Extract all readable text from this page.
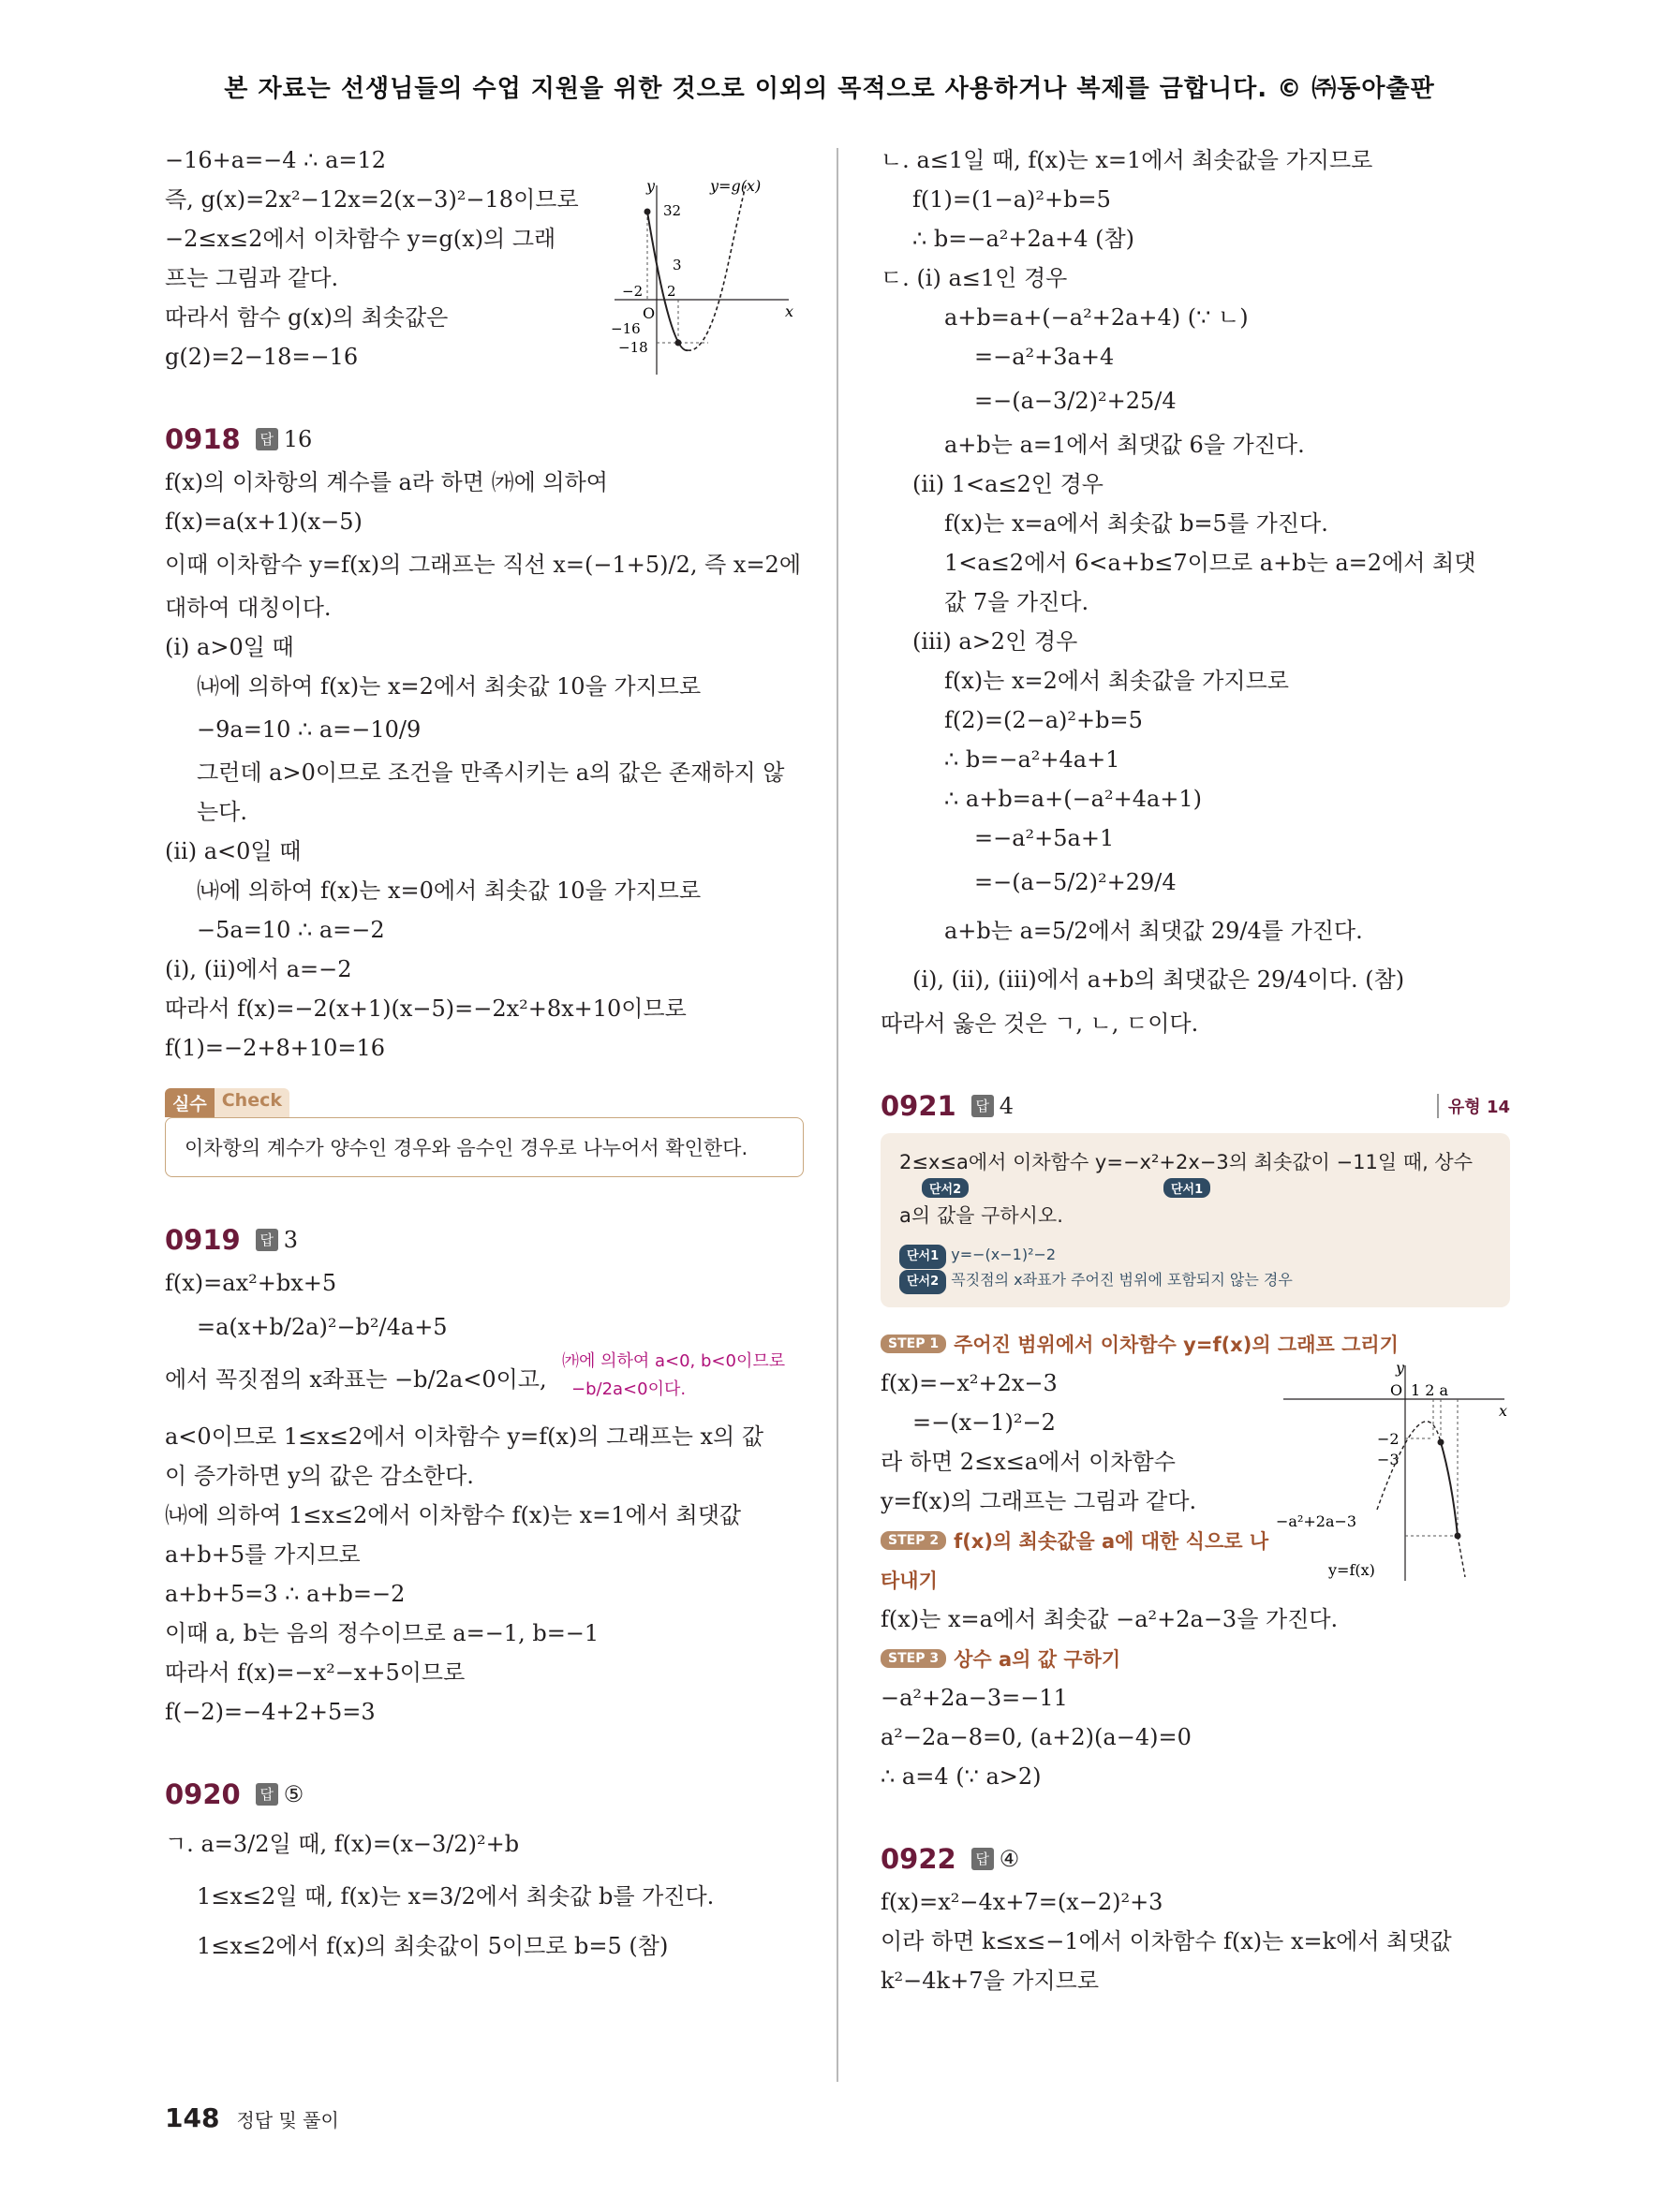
본 자료는 선생님들의 수업 지원을 위한 것으로 이외의 목적으로 사용하거나 복제를 금합니다. © ㈜동아출판
−16+a=−4 ∴ a=12
즉, g(x)=2x²−12x=2(x−3)²−18이므로
−2≤x≤2에서 이차함수 y=g(x)의 그래
프는 그림과 같다.
따라서 함수 g(x)의 최솟값은
g(2)=2−18=−16
x
y	y=g(x)
O
32
3
2
−2
−16
−18
0918	답 16
f(x)의 이차항의 계수를 a라 하면 ㈎에 의하여
f(x)=a(x+1)(x−5)
이때 이차함수 y=f(x)의 그래프는 직선 x=(−1+5)/2, 즉 x=2에
대하여 대칭이다.
(ⅰ) a>0일 때
㈏에 의하여 f(x)는 x=2에서 최솟값 10을 가지므로
−9a=10 ∴ a=−10/9
그런데 a>0이므로 조건을 만족시키는 a의 값은 존재하지 않
는다.
(ⅱ) a<0일 때
㈏에 의하여 f(x)는 x=0에서 최솟값 10을 가지므로
−5a=10 ∴ a=−2
(ⅰ), (ⅱ)에서 a=−2
따라서 f(x)=−2(x+1)(x−5)=−2x²+8x+10이므로
f(1)=−2+8+10=16
실수 Check
이차항의 계수가 양수인 경우와 음수인 경우로 나누어서 확인한다.
0919	답 3
f(x)=ax²+bx+5
=a(x+b/2a)²−b²/4a+5
에서 꼭짓점의 x좌표는 −b/2a<0이고,
㈎에 의하여 a<0, b<0이므로
−b/2a<0이다.
a<0이므로 1≤x≤2에서 이차함수 y=f(x)의 그래프는 x의 값
이 증가하면 y의 값은 감소한다.
㈏에 의하여 1≤x≤2에서 이차함수 f(x)는 x=1에서 최댓값
a+b+5를 가지므로
a+b+5=3 ∴ a+b=−2
이때 a, b는 음의 정수이므로 a=−1, b=−1
따라서 f(x)=−x²−x+5이므로
f(−2)=−4+2+5=3
0920	답 ⑤
ㄱ. a=3/2일 때, f(x)=(x−3/2)²+b
1≤x≤2일 때, f(x)는 x=3/2에서 최솟값 b를 가진다.
1≤x≤2에서 f(x)의 최솟값이 5이므로 b=5 (참)
ㄴ. a≤1일 때, f(x)는 x=1에서 최솟값을 가지므로
f(1)=(1−a)²+b=5
∴ b=−a²+2a+4 (참)
ㄷ. (ⅰ) a≤1인 경우
a+b=a+(−a²+2a+4) (∵ ㄴ)
=−a²+3a+4
=−(a−3/2)²+25/4
a+b는 a=1에서 최댓값 6을 가진다.
(ⅱ) 1<a≤2인 경우
f(x)는 x=a에서 최솟값 b=5를 가진다.
1<a≤2에서 6<a+b≤7이므로 a+b는 a=2에서 최댓
값 7을 가진다.
(ⅲ) a>2인 경우
f(x)는 x=2에서 최솟값을 가지므로
f(2)=(2−a)²+b=5
∴ b=−a²+4a+1
∴ a+b=a+(−a²+4a+1)
=−a²+5a+1
=−(a−5/2)²+29/4
a+b는 a=5/2에서 최댓값 29/4를 가진다.
(ⅰ), (ⅱ), (ⅲ)에서 a+b의 최댓값은 29/4이다. (참)
따라서 옳은 것은 ㄱ, ㄴ, ㄷ이다.
0921	답 4	유형 14
2≤x≤a에서 이차함수 y=−x²+2x−3의 최솟값이 −11일 때, 상수
단서2	단서1
a의 값을 구하시오.
단서1 y=−(x−1)²−2
단서2 꼭짓점의 x좌표가 주어진 범위에 포함되지 않는 경우
STEP 1 주어진 범위에서 이차함수 y=f(x)의 그래프 그리기
f(x)=−x²+2x−3
=−(x−1)²−2
라 하면 2≤x≤a에서 이차함수
y=f(x)의 그래프는 그림과 같다.
STEP 2 f(x)의 최솟값을 a에 대한 식으로 나
타내기
f(x)는 x=a에서 최솟값 −a²+2a−3을 가진다.
STEP 3 상수 a의 값 구하기
−a²+2a−3=−11
a²−2a−8=0, (a+2)(a−4)=0
∴ a=4 (∵ a>2)
x
y
O 1 2 a
−2
−3
−a²+2a−3
y=f(x)
0922	답 ④
f(x)=x²−4x+7=(x−2)²+3
이라 하면 k≤x≤−1에서 이차함수 f(x)는 x=k에서 최댓값
k²−4k+7을 가지므로
148 정답 및 풀이
